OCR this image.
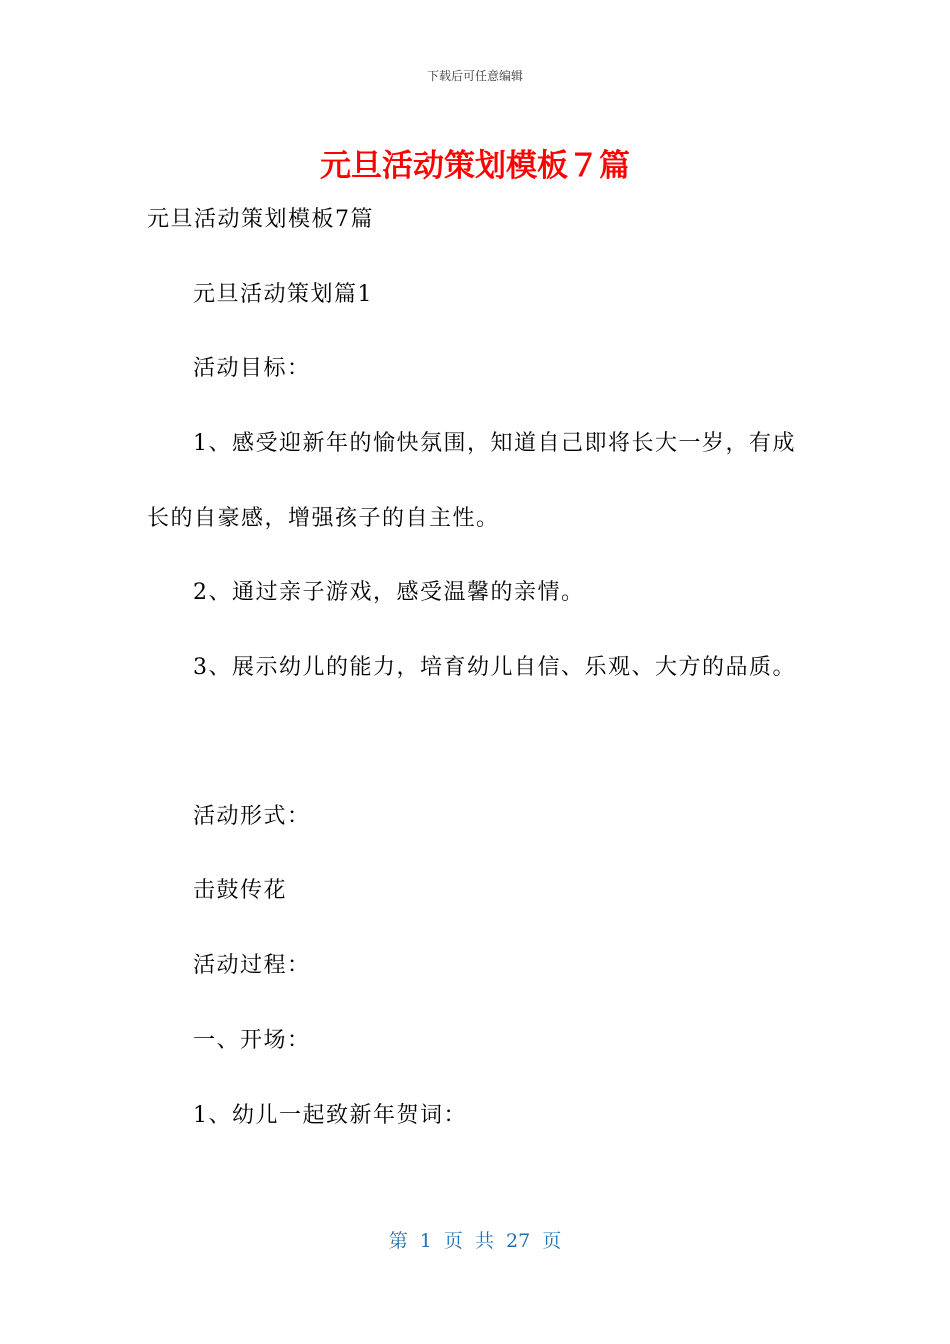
下载后可任意编辑
元旦活动策划模板７篇
元旦活动策划模板7篇
元旦活动策划篇1
活动目标：
1、感受迎新年的愉快氛围，知道自己即将长大一岁，有成
长的自豪感，增强孩子的自主性。
2、通过亲子游戏，感受温馨的亲情。
3、展示幼儿的能力，培育幼儿自信、乐观、大方的品质。
活动形式：
击鼓传花
活动过程：
一、开场：
1、幼儿一起致新年贺词：
第 1 页 共 27 页
